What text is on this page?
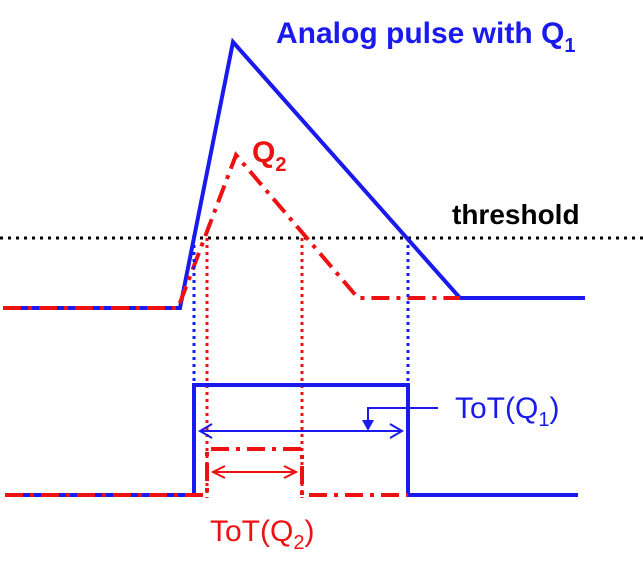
Analog pulse with $Q_1$
$Q_2$
threshold
$ToT(Q_1)$
$ToT(Q_2)$
